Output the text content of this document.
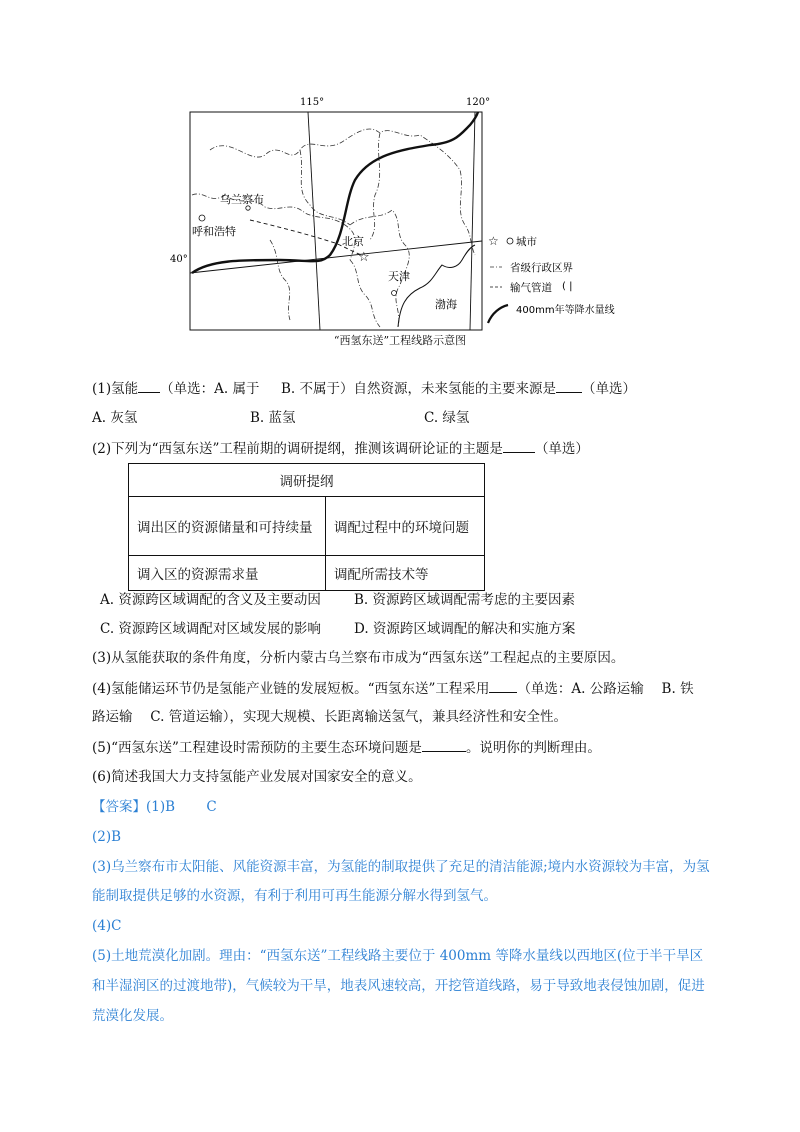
115°	120°
40°
乌兰察布
呼和浩特
北京
☆
天津
渤海
☆ 城市
省级行政区界
输气管道 ( |
400mm年等降水量线
“西氢东送”工程线路示意图
(1)氢能 （单选：A. 属于 B. 不属于）自然资源，未来氢能的主要来源是 （单选）
A. 灰氢	B. 蓝氢	C. 绿氢
(2)下列为“西氢东送”工程前期的调研提纲，推测该调研论证的主题是 （单选）
调研提纲	
调出区的资源储量和可持续量	调配过程中的环境问题
调入区的资源需求量	调配所需技术等
A. 资源跨区域调配的含义及主要动因 B. 资源跨区域调配需考虑的主要因素
C. 资源跨区域调配对区域发展的影响 D. 资源跨区域调配的解决和实施方案
(3)从氢能获取的条件角度，分析内蒙古乌兰察布市成为“西氢东送”工程起点的主要原因。
(4)氢能储运环节仍是氢能产业链的发展短板。“西氢东送”工程采用 （单选：A. 公路运输　 B. 铁
路运输　 C. 管道运输），实现大规模、长距离输送氢气，兼具经济性和安全性。
(5)“西氢东送”工程建设时需预防的主要生态环境问题是	。说明你的判断理由。
(6)简述我国大力支持氢能产业发展对国家安全的意义。
【答案】(1)B　　 C
(2)B
(3)乌兰察布市太阳能、风能资源丰富，为氢能的制取提供了充足的清洁能源;境内水资源较为丰富，为氢
能制取提供足够的水资源，有利于利用可再生能源分解水得到氢气。
(4)C
(5)土地荒漠化加剧。理由：“西氢东送”工程线路主要位于 400mm 等降水量线以西地区(位于半干旱区
和半湿润区的过渡地带)，气候较为干旱，地表风速较高，开挖管道线路，易于导致地表侵蚀加剧，促进
荒漠化发展。
